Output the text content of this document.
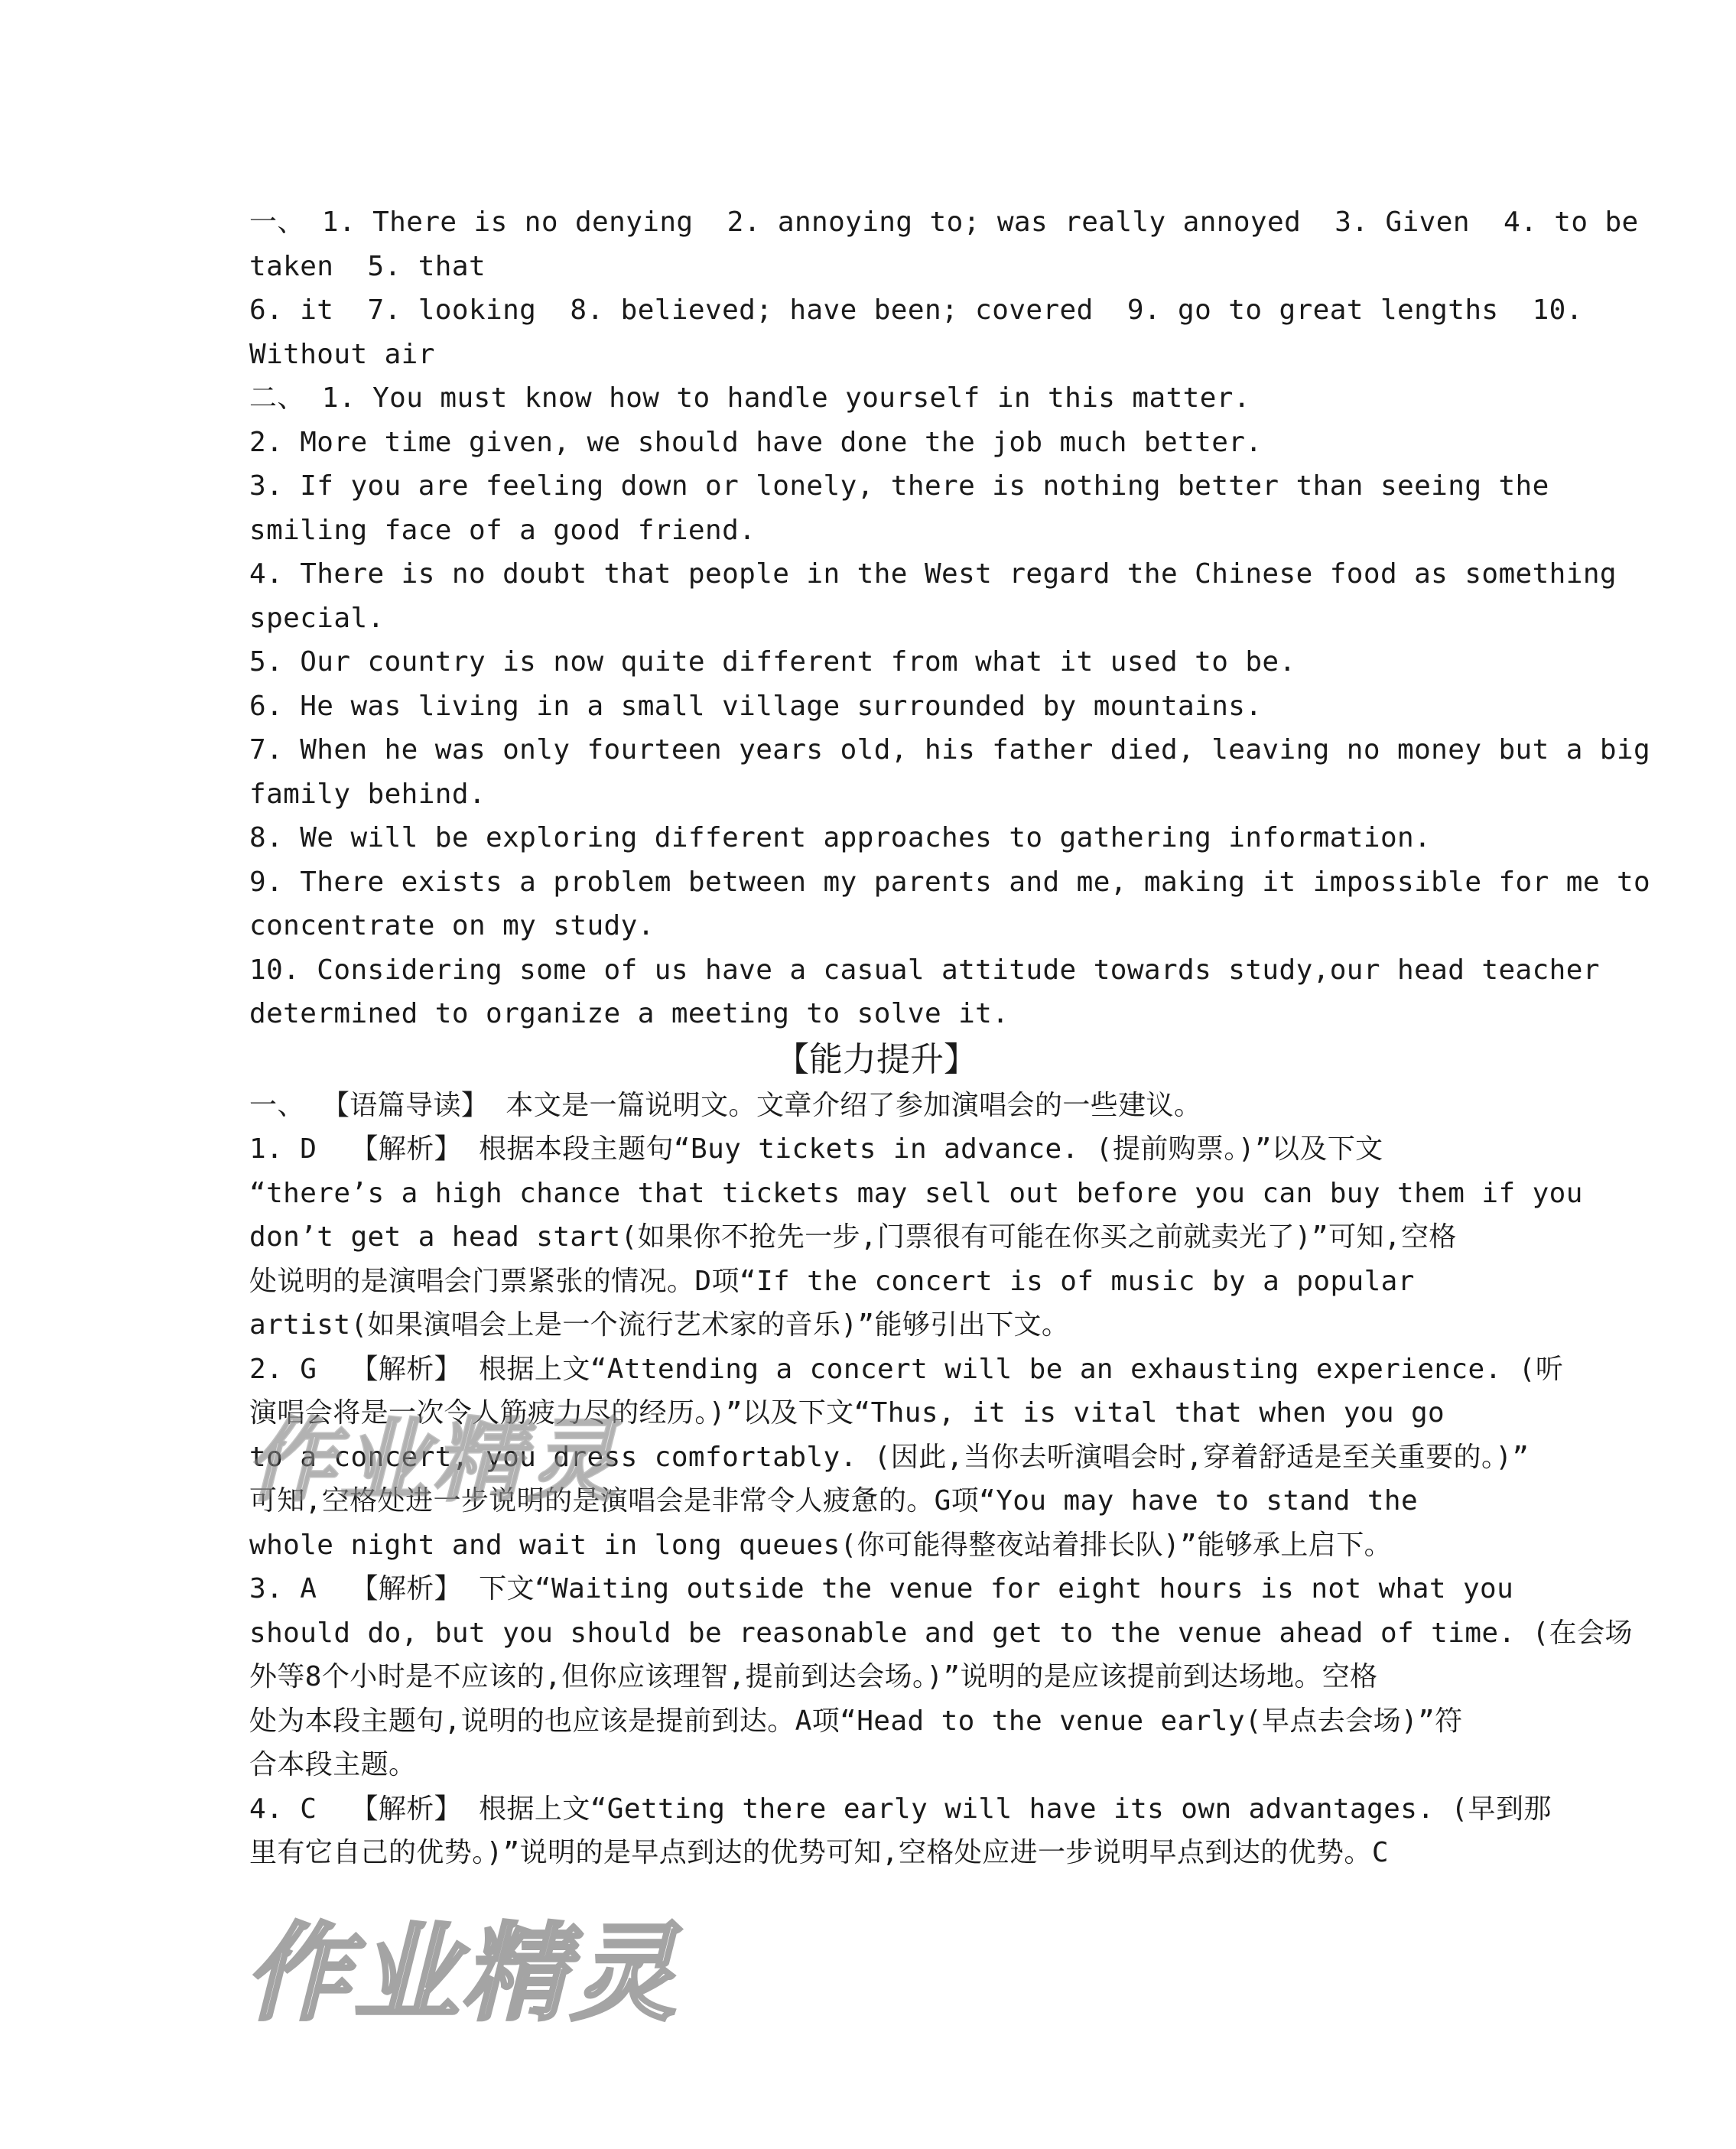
一、 1. There is no denying  2. annoying to; was really annoyed  3. Given  4. to be
taken  5. that
6. it  7. looking  8. believed; have been; covered  9. go to great lengths  10.
Without air
二、 1. You must know how to handle yourself in this matter.
2. More time given, we should have done the job much better.
3. If you are feeling down or lonely, there is nothing better than seeing the
smiling face of a good friend.
4. There is no doubt that people in the West regard the Chinese food as something
special.
5. Our country is now quite different from what it used to be.
6. He was living in a small village surrounded by mountains.
7. When he was only fourteen years old, his father died, leaving no money but a big
family behind.
8. We will be exploring different approaches to gathering information.
9. There exists a problem between my parents and me, making it impossible for me to
concentrate on my study.
10. Considering some of us have a casual attitude towards study,our head teacher
determined to organize a meeting to solve it.
【能力提升】
一、 【语篇导读】 本文是一篇说明文。文章介绍了参加演唱会的一些建议。
1. D  【解析】 根据本段主题句“Buy tickets in advance. (提前购票。)”以及下文
“there’s a high chance that tickets may sell out before you can buy them if you
don’t get a head start(如果你不抢先一步,门票很有可能在你买之前就卖光了)”可知,空格
处说明的是演唱会门票紧张的情况。D项“If the concert is of music by a popular
artist(如果演唱会上是一个流行艺术家的音乐)”能够引出下文。
2. G  【解析】 根据上文“Attending a concert will be an exhausting experience. (听
演唱会将是一次令人筋疲力尽的经历。)”以及下文“Thus, it is vital that when you go
to a concert, you dress comfortably. (因此,当你去听演唱会时,穿着舒适是至关重要的。)”
可知,空格处进一步说明的是演唱会是非常令人疲惫的。G项“You may have to stand the
whole night and wait in long queues(你可能得整夜站着排长队)”能够承上启下。
3. A  【解析】 下文“Waiting outside the venue for eight hours is not what you
should do, but you should be reasonable and get to the venue ahead of time. (在会场
外等8个小时是不应该的,但你应该理智,提前到达会场。)”说明的是应该提前到达场地。空格
处为本段主题句,说明的也应该是提前到达。A项“Head to the venue early(早点去会场)”符
合本段主题。
4. C  【解析】 根据上文“Getting there early will have its own advantages. (早到那
里有它自己的优势。)”说明的是早点到达的优势可知,空格处应进一步说明早点到达的优势。C
作业精灵
作业精灵
